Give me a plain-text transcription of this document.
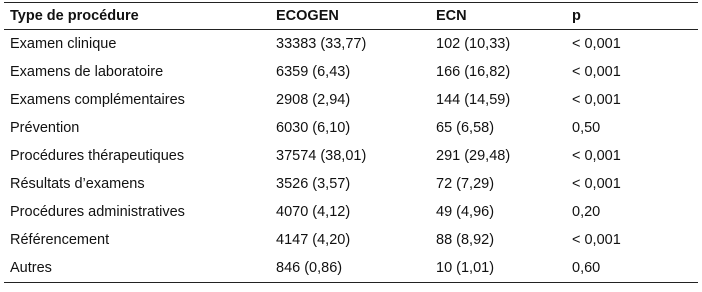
Type de procédure	ECOGEN	ECN	p
Examen clinique	33383 (33,77)	102 (10,33)	< 0,001
Examens de laboratoire	6359 (6,43)	166 (16,82)	< 0,001
Examens complémentaires	2908 (2,94)	144 (14,59)	< 0,001
Prévention	6030 (6,10)	65 (6,58)	0,50
Procédures thérapeutiques	37574 (38,01)	291 (29,48)	< 0,001
Résultats d’examens	3526 (3,57)	72 (7,29)	< 0,001
Procédures administratives	4070 (4,12)	49 (4,96)	0,20
Référencement	4147 (4,20)	88 (8,92)	< 0,001
Autres	846 (0,86)	10 (1,01)	0,60
